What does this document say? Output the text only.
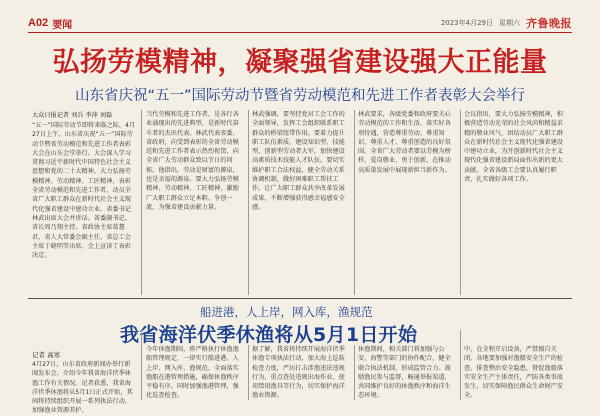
A02 要闻	2023年4月29日 星期六 齐鲁晚报
弘扬劳模精神，凝聚强省建设强大正能量
山东省庆祝“五一”国际劳动节暨省劳动模范和先进工作者表彰大会举行
大众日报记者 刘兵 李萍 刘磊

“五一”国际劳动节即将来临之际，4月27日上午，山东省庆祝“五一”国际劳动节暨省劳动模范和先进工作者表彰大会在山东会堂举行。大会深入学习贯彻习近平新时代中国特色社会主义思想和党的二十大精神，大力弘扬劳模精神、劳动精神、工匠精神，表彰全省劳动模范和先进工作者，动员全省广大职工群众在新时代社会主义现代化强省建设中建功立业。省委书记林武出席大会并讲话。省委副书记、省长周乃翔主持。省政协主席葛慧君，省人大常委会副主任、省总工会主席于晓明等出席。会上宣读了表彰决定。

当代劳模和先进工作者，是各行各业涌现出的先进典型，是新时代奋斗者的杰出代表。林武代表省委、省政府，向受到表彰的全省劳动模范和先进工作者表示热烈祝贺，向全省广大劳动群众致以节日的问候。他指出，劳动是财富的源泉，也是幸福的源泉。要大力弘扬劳模精神、劳动精神、工匠精神，激励广大职工群众立足本职、争创一流，为强省建设贡献力量。

林武强调，要坚持党对工会工作的全面领导，发挥工会组织联系职工群众的桥梁纽带作用。要着力提升职工队伍素质，建设知识型、技能型、创新型劳动者大军，加快建设高素质技术技能人才队伍。要切实维护职工合法权益，健全劳动关系协调机制，做好困难职工帮扶工作，让广大职工群众共享改革发展成果，不断增强获得感幸福感安全感。

林武要求，各级党委和政府要关心劳动模范的工作和生活，落实好各项待遇，营造尊重劳动、尊重知识、尊重人才、尊重创造的良好氛围。全省广大劳动者要以劳模为榜样，爱岗敬业、勇于创新，在推动高质量发展中展现新担当新作为。

会议指出，要大力弘扬劳模精神，积极营造劳动光荣的社会风尚和精益求精的敬业风气，团结动员广大职工群众在新时代社会主义现代化强省建设中建功立业，为开创新时代社会主义现代化强省建设新局面作出新的更大贡献。全省各级工会要认真履行职责，扎实做好各项工作。

船进港，人上岸，网入库，渔规范
我省海洋伏季休渔将从5月1日开始
记者 高寒

4月27日，山东省政府新闻办举行新闻发布会，介绍今年我省海洋伏季休渔工作有关情况。记者获悉，我省海洋伏季休渔将从5月1日正式开始，其间将持续组织开展一系列执法行动，加强渔业资源养护。

今年休渔期间，将严格执行休渔渔船管理规定，一律实行船进港、人上岸、网入库、渔规范，全面落实渔船在港管理措施，确保休渔秩序平稳有序。同时加强渔港管理，强化巡查检查。

据了解，我省将持续开展海洋伏季休渔专项执法行动，加大海上巡航检查力度，严厉打击涉渔违法违规行为，重点查处违规出海作业、使用禁用渔具等行为，切实保护海洋渔业资源。

休渔期间，相关部门将加强与公安、海警等部门的协作配合，健全联合执法机制，形成监管合力。鼓励渔民参与监督，畅通举报渠道，共同维护良好的休渔秩序和海洋生态环境。

中，在全程开启设备，严禁擅自关闭。各地要加强对渔船安全生产的检查，排查整治安全隐患，督促渔船落实安全生产主体责任，严防各类事故发生，切实保障渔民群众生命财产安全。
